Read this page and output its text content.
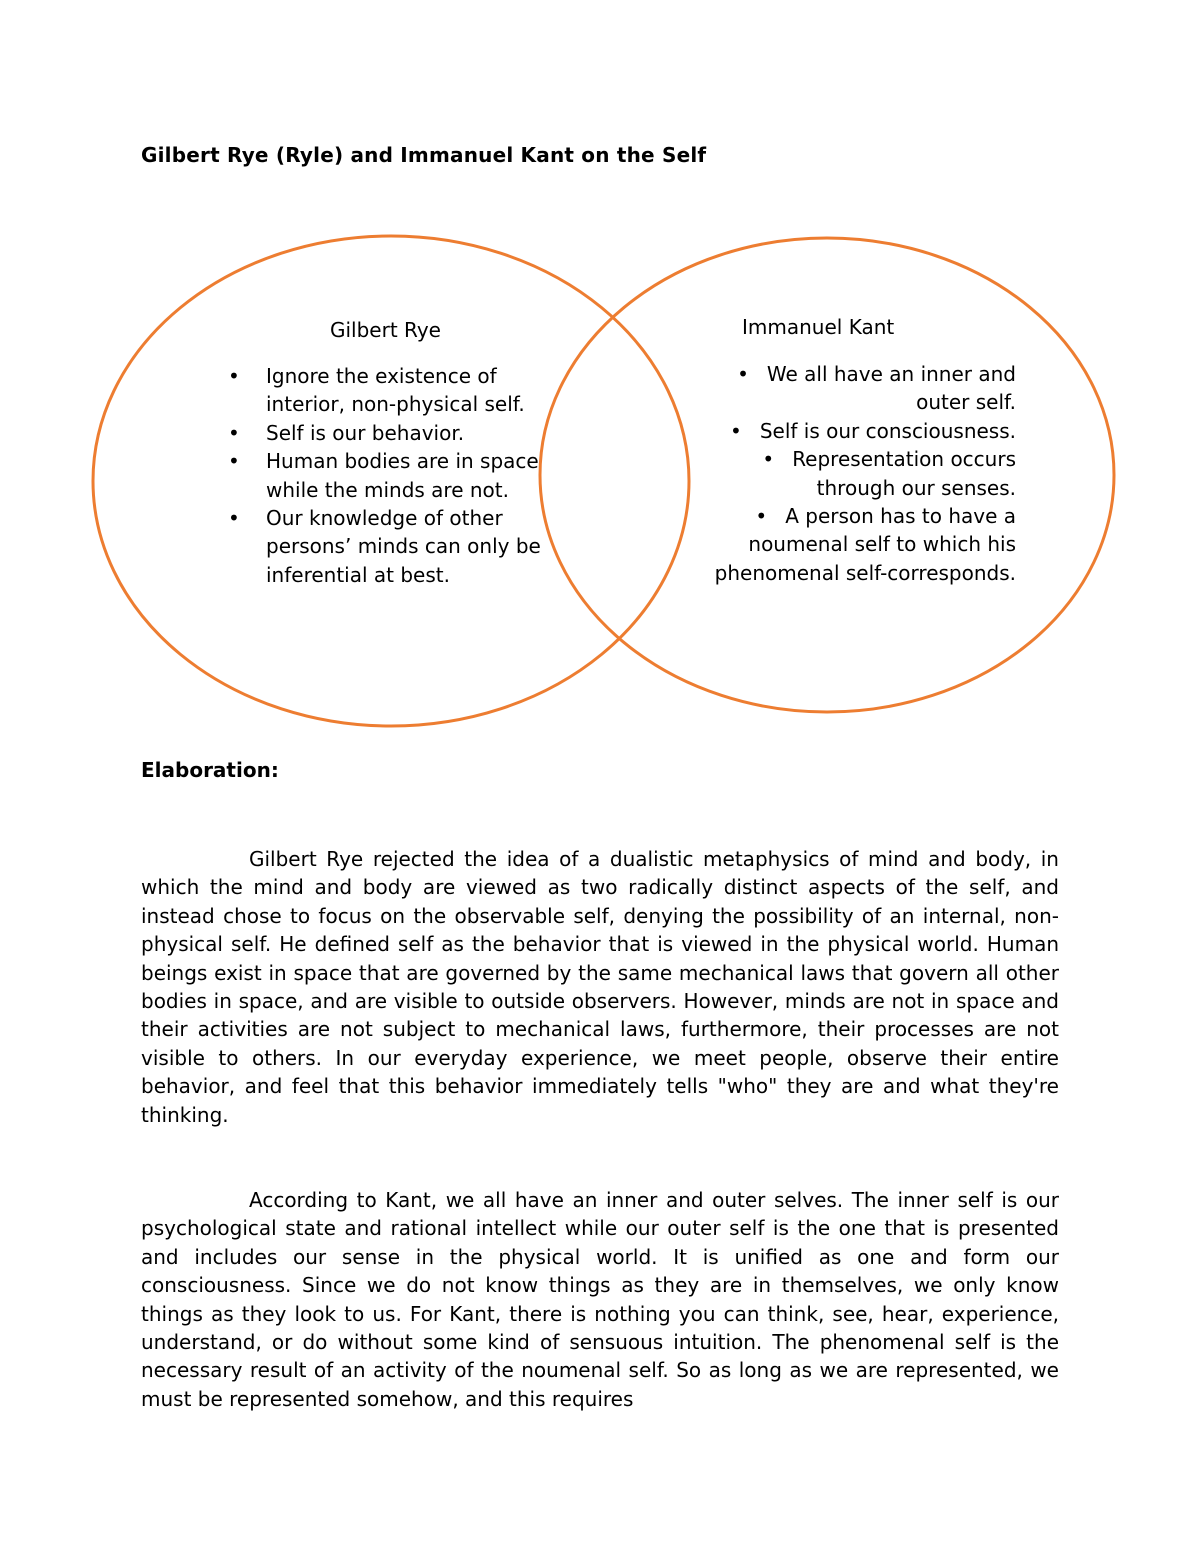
Gilbert Rye (Ryle) and Immanuel Kant on the Self
Gilbert Rye
• Ignore the existence of interior, non-physical self.
• Self is our behavior.
• Human bodies are in space while the minds are not.
• Our knowledge of other persons’ minds can only be inferential at best.
Immanuel Kant
• We all have an inner and outer self.
• Self is our consciousness.
• Representation occurs through our senses.
• A person has to have a noumenal self to which his phenomenal self-corresponds.
Elaboration:

Gilbert Rye rejected the idea of a dualistic metaphysics of mind and body, in which the mind and body are viewed as two radically distinct aspects of the self, and instead chose to focus on the observable self, denying the possibility of an internal, non-physical self. He defined self as the behavior that is viewed in the physical world. Human beings exist in space that are governed by the same mechanical laws that govern all other bodies in space, and are visible to outside observers. However, minds are not in space and their activities are not subject to mechanical laws, furthermore, their processes are not visible to others. In our everyday experience, we meet people, observe their entire behavior, and feel that this behavior immediately tells "who" they are and what they're thinking.

According to Kant, we all have an inner and outer selves. The inner self is our psychological state and rational intellect while our outer self is the one that is presented and includes our sense in the physical world. It is unified as one and form our consciousness. Since we do not know things as they are in themselves, we only know things as they look to us. For Kant, there is nothing you can think, see, hear, experience, understand, or do without some kind of sensuous intuition. The phenomenal self is the necessary result of an activity of the noumenal self. So as long as we are represented, we must be represented somehow, and this requires
